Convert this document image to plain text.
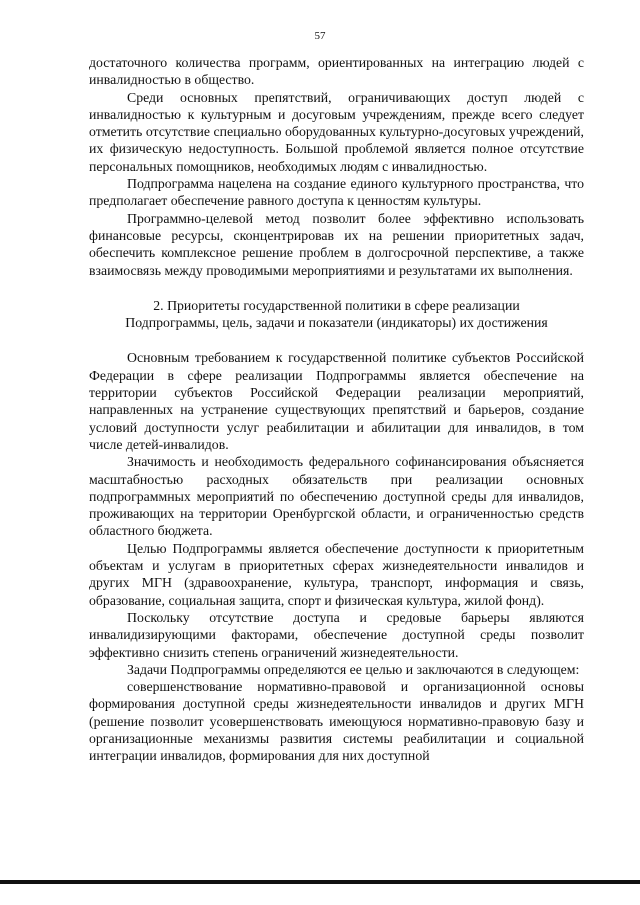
57

достаточного количества программ, ориентированных на интеграцию людей с инвалидностью в общество.

Среди основных препятствий, ограничивающих доступ людей с инвалидностью к культурным и досуговым учреждениям, прежде всего следует отметить отсутствие специально оборудованных культурно-досуговых учреждений, их физическую недоступность. Большой проблемой является полное отсутствие персональных помощников, необходимых людям с инвалидностью.

Подпрограмма нацелена на создание единого культурного пространства, что предполагает обеспечение равного доступа к ценностям культуры.

Программно-целевой метод позволит более эффективно использовать финансовые ресурсы, сконцентрировав их на решении приоритетных задач, обеспечить комплексное решение проблем в долгосрочной перспективе, а также взаимосвязь между проводимыми мероприятиями и результатами их выполнения.

2. Приоритеты государственной политики в сфере реализации
Подпрограммы, цель, задачи и показатели (индикаторы) их достижения

Основным требованием к государственной политике субъектов Российской Федерации в сфере реализации Подпрограммы является обеспечение на территории субъектов Российской Федерации реализации мероприятий, направленных на устранение существующих препятствий и барьеров, создание условий доступности услуг реабилитации и абилитации для инвалидов, в том числе детей-инвалидов.

Значимость и необходимость федерального софинансирования объясняется масштабностью расходных обязательств при реализации основных подпрограммных мероприятий по обеспечению доступной среды для инвалидов, проживающих на территории Оренбургской области, и ограниченностью средств областного бюджета.

Целью Подпрограммы является обеспечение доступности к приоритетным объектам и услугам в приоритетных сферах жизнедеятельности инвалидов и других МГН (здравоохранение, культура, транспорт, информация и связь, образование, социальная защита, спорт и физическая культура, жилой фонд).

Поскольку отсутствие доступа и средовые барьеры являются инвалидизирующими факторами, обеспечение доступной среды позволит эффективно снизить степень ограничений жизнедеятельности.

Задачи Подпрограммы определяются ее целью и заключаются в следующем:

совершенствование нормативно-правовой и организационной основы формирования доступной среды жизнедеятельности инвалидов и других МГН (решение позволит усовершенствовать имеющуюся нормативно-правовую базу и организационные механизмы развития системы реабилитации и социальной интеграции инвалидов, формирования для них доступной
